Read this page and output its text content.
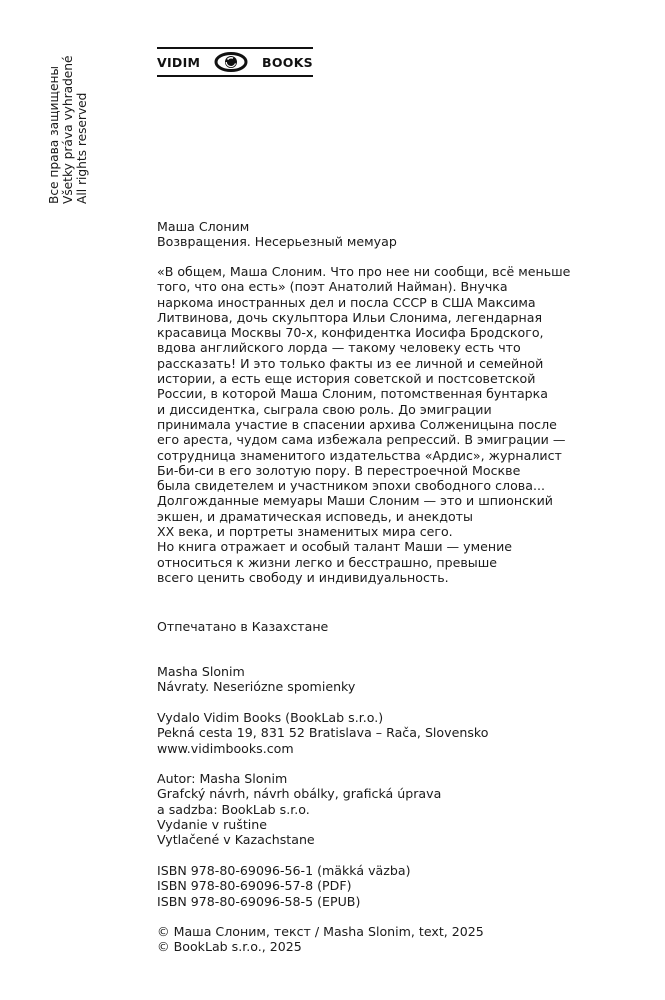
Все права защищены Všetky práva vyhradené All rights reserved
VIDIM	BOOKS
Маша Слоним
Возвращения. Несерьезный мемуар
«В общем, Маша Слоним. Что про нее ни сообщи, всё меньше
того, что она есть» (поэт Анатолий Найман). Внучка
наркома иностранных дел и посла СССР в США Максима
Литвинова, дочь скульптора Ильи Слонима, легендарная
красавица Москвы 70-х, конфидентка Иосифа Бродского,
вдова английского лорда — такому человеку есть что
рассказать! И это только факты из ее личной и семейной
истории, а есть еще история советской и постсоветской
России, в которой Маша Слоним, потомственная бунтарка
и диссидентка, сыграла свою роль. До эмиграции
принимала участие в спасении архива Солженицына после
его ареста, чудом сама избежала репрессий. В эмиграции —
сотрудница знаменитого издательства «Ардис», журналист
Би-би-си в его золотую пору. В перестроечной Москве
была свидетелем и участником эпохи свободного слова...
Долгожданные мемуары Маши Слоним — это и шпионский
экшен, и драматическая исповедь, и анекдоты
XX века, и портреты знаменитых мира сего.
Но книга отражает и особый талант Маши — умение
относиться к жизни легко и бесстрашно, превыше
всего ценить свободу и индивидуальность.
Отпечатано в Казахстане
Masha Slonim
Návraty. Neseriózne spomienky
Vydalo Vidim Books (BookLab s.r.o.)
Pekná cesta 19, 831 52 Bratislava – Rača, Slovensko
www.vidimbooks.com
Autor: Masha Slonim
Grafcký návrh, návrh obálky, grafická úprava
a sadzba: BookLab s.r.o.
Vydanie v ruštine
Vytlačené v Kazachstane
ISBN 978-80-69096-56-1 (mäkká väzba)
ISBN 978-80-69096-57-8 (PDF)
ISBN 978-80-69096-58-5 (EPUB)
© Маша Слоним, текст / Masha Slonim, text, 2025
© BookLab s.r.o., 2025
